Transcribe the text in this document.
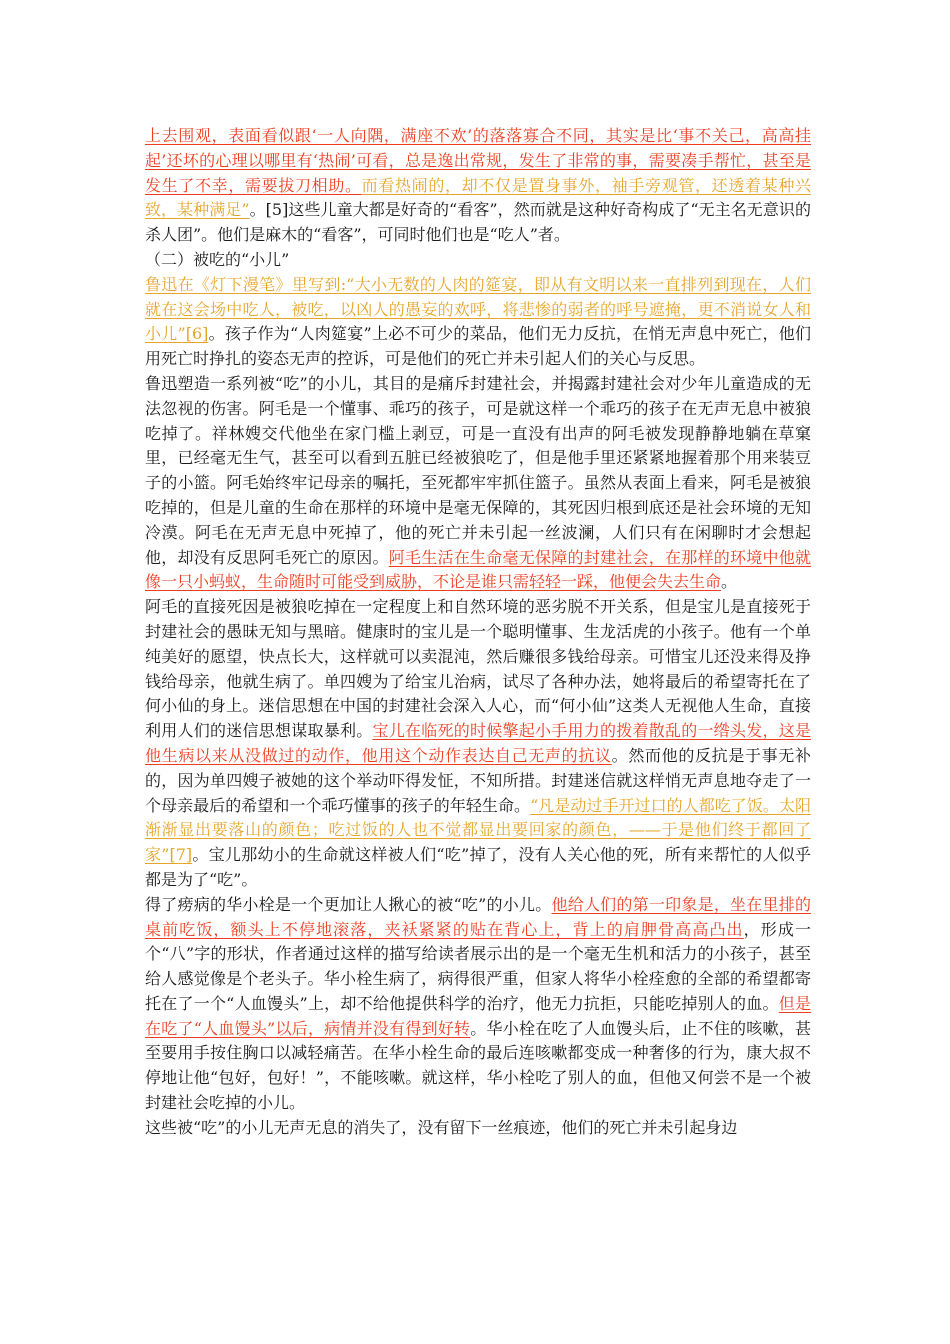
上去围观，表面看似跟‘一人向隅，满座不欢’的落落寡合不同，其实是比‘事不关己，高高挂起’还坏的心理以哪里有‘热闹’可看，总是逸出常规，发生了非常的事，需要凑手帮忙，甚至是发生了不幸，需要拔刀相助。而看热闹的，却不仅是置身事外，袖手旁观管，还透着某种兴致，某种满足”。[5]这些儿童大都是好奇的“看客”，然而就是这种好奇构成了“无主名无意识的杀人团”。他们是麻木的“看客”，可同时他们也是“吃人”者。

（二）被吃的“小儿”

鲁迅在《灯下漫笔》里写到:“大小无数的人肉的筵宴，即从有文明以来一直排列到现在，人们就在这会场中吃人，被吃，以凶人的愚妄的欢呼，将悲惨的弱者的呼号遮掩，更不消说女人和小儿”[6]。孩子作为“人肉筵宴”上必不可少的菜品，他们无力反抗，在悄无声息中死亡，他们用死亡时挣扎的姿态无声的控诉，可是他们的死亡并未引起人们的关心与反思。

鲁迅塑造一系列被“吃”的小儿，其目的是痛斥封建社会，并揭露封建社会对少年儿童造成的无法忽视的伤害。阿毛是一个懂事、乖巧的孩子，可是就这样一个乖巧的孩子在无声无息中被狼吃掉了。祥林嫂交代他坐在家门槛上剥豆，可是一直没有出声的阿毛被发现静静地躺在草窠里，已经毫无生气，甚至可以看到五脏已经被狼吃了，但是他手里还紧紧地握着那个用来装豆子的小篮。阿毛始终牢记母亲的嘱托，至死都牢牢抓住篮子。虽然从表面上看来，阿毛是被狼吃掉的，但是儿童的生命在那样的环境中是毫无保障的，其死因归根到底还是社会环境的无知冷漠。阿毛在无声无息中死掉了，他的死亡并未引起一丝波澜，人们只有在闲聊时才会想起他，却没有反思阿毛死亡的原因。阿毛生活在生命毫无保障的封建社会，在那样的环境中他就像一只小蚂蚁，生命随时可能受到威胁，不论是谁只需轻轻一踩，他便会失去生命。

阿毛的直接死因是被狼吃掉在一定程度上和自然环境的恶劣脱不开关系，但是宝儿是直接死于封建社会的愚昧无知与黑暗。健康时的宝儿是一个聪明懂事、生龙活虎的小孩子。他有一个单纯美好的愿望，快点长大，这样就可以卖混沌，然后赚很多钱给母亲。可惜宝儿还没来得及挣钱给母亲，他就生病了。单四嫂为了给宝儿治病，试尽了各种办法，她将最后的希望寄托在了何小仙的身上。迷信思想在中国的封建社会深入人心，而“何小仙”这类人无视他人生命，直接利用人们的迷信思想谋取暴利。宝儿在临死的时候擎起小手用力的拨着散乱的一绺头发，这是他生病以来从没做过的动作，他用这个动作表达自己无声的抗议。然而他的反抗是于事无补的，因为单四嫂子被她的这个举动吓得发怔，不知所措。封建迷信就这样悄无声息地夺走了一个母亲最后的希望和一个乖巧懂事的孩子的年轻生命。“凡是动过手开过口的人都吃了饭。太阳渐渐显出要落山的颜色；吃过饭的人也不觉都显出要回家的颜色，——于是他们终于都回了家”[7]。宝儿那幼小的生命就这样被人们“吃”掉了，没有人关心他的死，所有来帮忙的人似乎都是为了“吃”。

得了痨病的华小栓是一个更加让人揪心的被“吃”的小儿。他给人们的第一印象是，坐在里排的桌前吃饭，额头上不停地滚落，夹袄紧紧的贴在背心上，背上的肩胛骨高高凸出，形成一个“八”字的形状，作者通过这样的描写给读者展示出的是一个毫无生机和活力的小孩子，甚至给人感觉像是个老头子。华小栓生病了，病得很严重，但家人将华小栓痊愈的全部的希望都寄托在了一个“人血馒头”上，却不给他提供科学的治疗，他无力抗拒，只能吃掉别人的血。但是在吃了“人血馒头”以后，病情并没有得到好转。华小栓在吃了人血馒头后，止不住的咳嗽，甚至要用手按住胸口以减轻痛苦。在华小栓生命的最后连咳嗽都变成一种奢侈的行为，康大叔不停地让他“包好，包好！”，不能咳嗽。就这样，华小栓吃了别人的血，但他又何尝不是一个被封建社会吃掉的小儿。

这些被“吃”的小儿无声无息的消失了，没有留下一丝痕迹，他们的死亡并未引起身边
